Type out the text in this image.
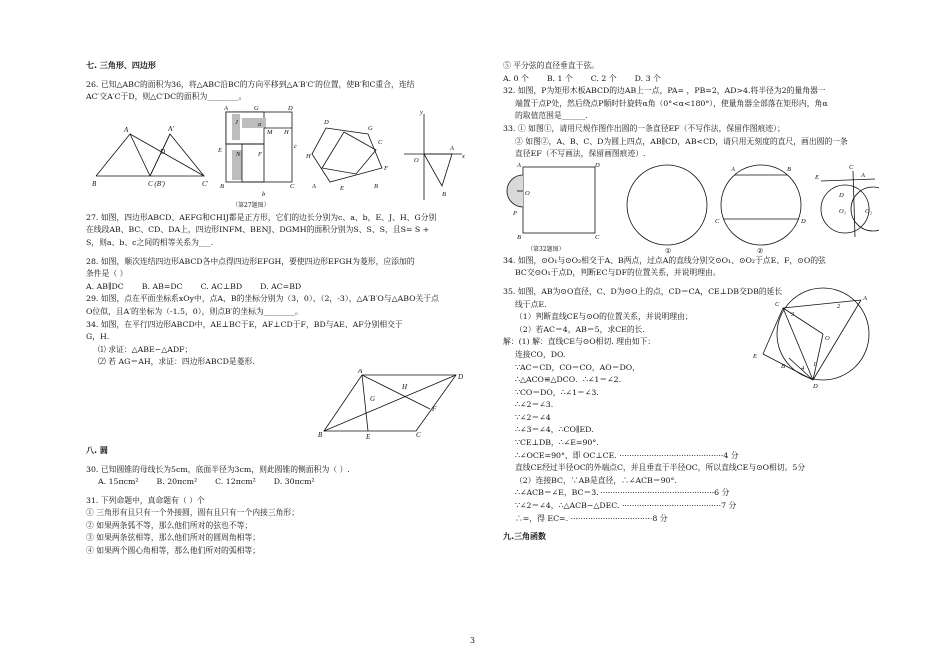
七. 三角形、四边形

26. 已知△ABC的面积为36，将△ABC沿BC的方向平移到△A′B′C′的位置，使B′和C重合，连结

AC′交A′C于D，则△C′DC的面积为________。

A	A′
B	C (B′)	C′
D
A	G	D
J	a
M H
E
N	F
c
B	C
b
（第27题图）
D
G
C
H
F
A	E	B
y
x
O
A
B

27. 如图，四边形ABCD、AEFG和CHIJ都是正方形，它们的边长分别为c、a、b，E、J、H、G分别

在线段AB、BC、CD、DA上，四边形INFM、BENJ、DGMH的面积分别为S、S、S，且S= S +

S，则a、b、c之间的相等关系为___.

28. 如图，顺次连结四边形ABCD各中点得四边形EFGH，要使四边形EFGH为菱形，应添加的

条件是（ ）

A. AB∥DC B. AB=DC C. AC⊥BD D. AC=BD

29. 如图，点在平面坐标系xOy中，点A，B的坐标分别为（3，0）、（2，-3），△A′B′O与△ABO关于点

O位似，且A′的坐标为（-1.5，0），则点B′的坐标为________。

34. 如图，在平行四边形ABCD中，AE⊥BC于E，AF⊥CD于F，BD与AE、AF分别相交于

G，H.

⑴ 求证：△ABE∽△ADF；

⑵ 若 AG＝AH，求证：四边形ABCD是菱形.

A
D
B	E	C
F
H
G

八. 圆

30. 已知圆锥的母线长为5cm，底面半径为3cm，则此圆锥的侧面积为（ ）.

A. 15πcm² B. 20πcm² C. 12πcm² D. 30πcm²

31. 下列命题中，真命题有（ ）个

① 三角形有且只有一个外接圆，圆有且只有一个内接三角形；

② 如果两条弧不等，那么他们所对的弦也不等；

③ 如果两条弦相等，那么他们所对的圆周角相等；

④ 如果两个圆心角相等，那么他们所对的弧相等；

⑤ 平分弦的直径垂直于弦。

A. 0 个 B. 1 个 C. 2 个 D. 3 个

32. 如图，P为矩形木板ABCD的边AB上一点，PA= ，PB=2，AD>4.将半径为2的量角器一

端置于点P处，然后绕点P顺时针旋转α角（0°<α<180°），使量角器全部落在矩形内，角α

的取值范围是______.

33. ① 如图①，请用尺规作图作出圆的一条直径EF（不写作法，保留作图痕迹）；

② 如图②，A、B、C、D为圆上四点，AB∥CD，AB<CD，请只用无刻度的直尺，画出圆的一条

直径EF（不写画法，保留画图痕迹）.

A	D
O
B	C
P
（第32题图）	①
A	B
C	D
②
C
E	A
O₁	O₂
D

34. 如图，⊙O₁与⊙O₂相交于A、B两点，过点A的直线分别交⊙O₁、⊙O₂于点E、F，⊙O的弦

BC交⊙O₁于点D，判断EC与DF的位置关系，并说明理由。

C
A
E
B
D
O
3
2
1
4

35. 如图，AB为⊙O直径，C、D为⊙O上的点，CD＝CA，CE⊥DB交DB的延长

线于点E.

（1）判断直线CE与⊙O的位置关系，并说明理由；

（2）若AC＝4，AB＝5，求CE的长.

解：(1) 解：直线CE与⊙O相切. 理由如下：

连接CO，DO.

∵AC＝CD，CO＝CO，AO＝DO，

∴△ACO≌△DCO．∴∠1＝∠2.

∵CO＝DO，∴∠1＝∠3.

∴∠2＝∠3.

∵∠2＝∠4

∴∠3＝∠4，∴CO∥ED.

∵CE⊥DB，∴∠E=90°.

∴∠OCE=90°，即 OC⊥CE. ··········································4 分

直线CE经过半径OC的外端点C，并且垂直于半径OC，所以直线CE与⊙O相切。5分

（2）连接BC，∵AB是直径，∴∠ACB＝90°.

∴∠ACB＝∠E，BC＝3．··············································6 分

∵∠2＝∠4，∴△ACB∽△DEC. ········································7 分

∴=，得 EC=. ·································8 分

九.三角函数

3
